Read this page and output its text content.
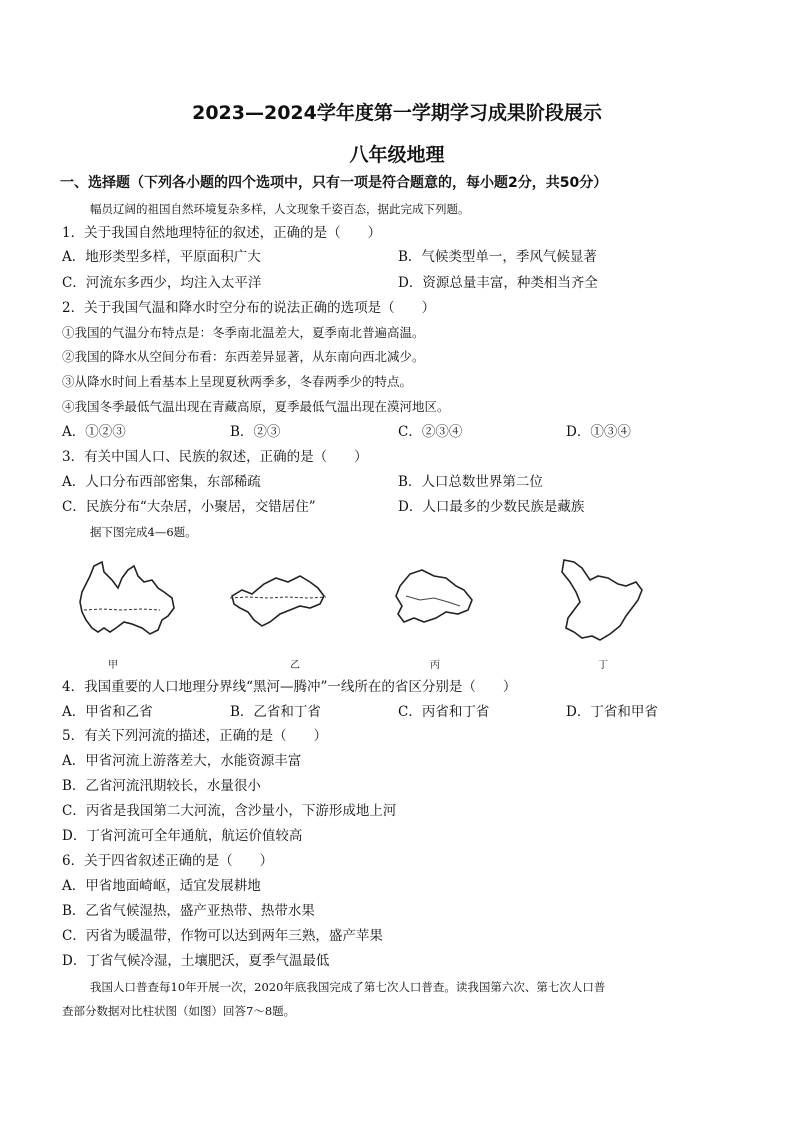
2023—2024学年度第一学期学习成果阶段展示
八年级地理
一、选择题（下列各小题的四个选项中，只有一项是符合题意的，每小题2分，共50分）
幅员辽阔的祖国自然环境复杂多样，人文现象千姿百态，据此完成下列题。
1．关于我国自然地理特征的叙述，正确的是（　　）
A．地形类型多样，平原面积广大	B．气候类型单一，季风气候显著
C．河流东多西少，均注入太平洋	D．资源总量丰富，种类相当齐全
2．关于我国气温和降水时空分布的说法正确的选项是（　　）
①我国的气温分布特点是：冬季南北温差大，夏季南北普遍高温。
②我国的降水从空间分布看：东西差异显著，从东南向西北减少。
③从降水时间上看基本上呈现夏秋两季多，冬春两季少的特点。
④我国冬季最低气温出现在青藏高原，夏季最低气温出现在漠河地区。
A．①②③	B．②③	C．②③④	D．①③④
3．有关中国人口、民族的叙述，正确的是（　　）
A．人口分布西部密集，东部稀疏	B．人口总数世界第二位
C．民族分布“大杂居，小聚居，交错居住”	D．人口最多的少数民族是藏族
据下图完成4—6题。
甲	乙	丙	丁
4．我国重要的人口地理分界线“黑河—腾冲”一线所在的省区分别是（　　）
A．甲省和乙省	B．乙省和丁省	C．丙省和丁省	D．丁省和甲省
5．有关下列河流的描述，正确的是（　　）
A．甲省河流上游落差大，水能资源丰富
B．乙省河流汛期较长，水量很小
C．丙省是我国第二大河流，含沙量小，下游形成地上河
D．丁省河流可全年通航，航运价值较高
6．关于四省叙述正确的是（　　）
A．甲省地面崎岖，适宜发展耕地
B．乙省气候湿热，盛产亚热带、热带水果
C．丙省为暖温带，作物可以达到两年三熟，盛产苹果
D．丁省气候冷湿，土壤肥沃，夏季气温最低
我国人口普查每10年开展一次，2020年底我国完成了第七次人口普查。读我国第六次、第七次人口普
查部分数据对比柱状图（如图）回答7～8题。
